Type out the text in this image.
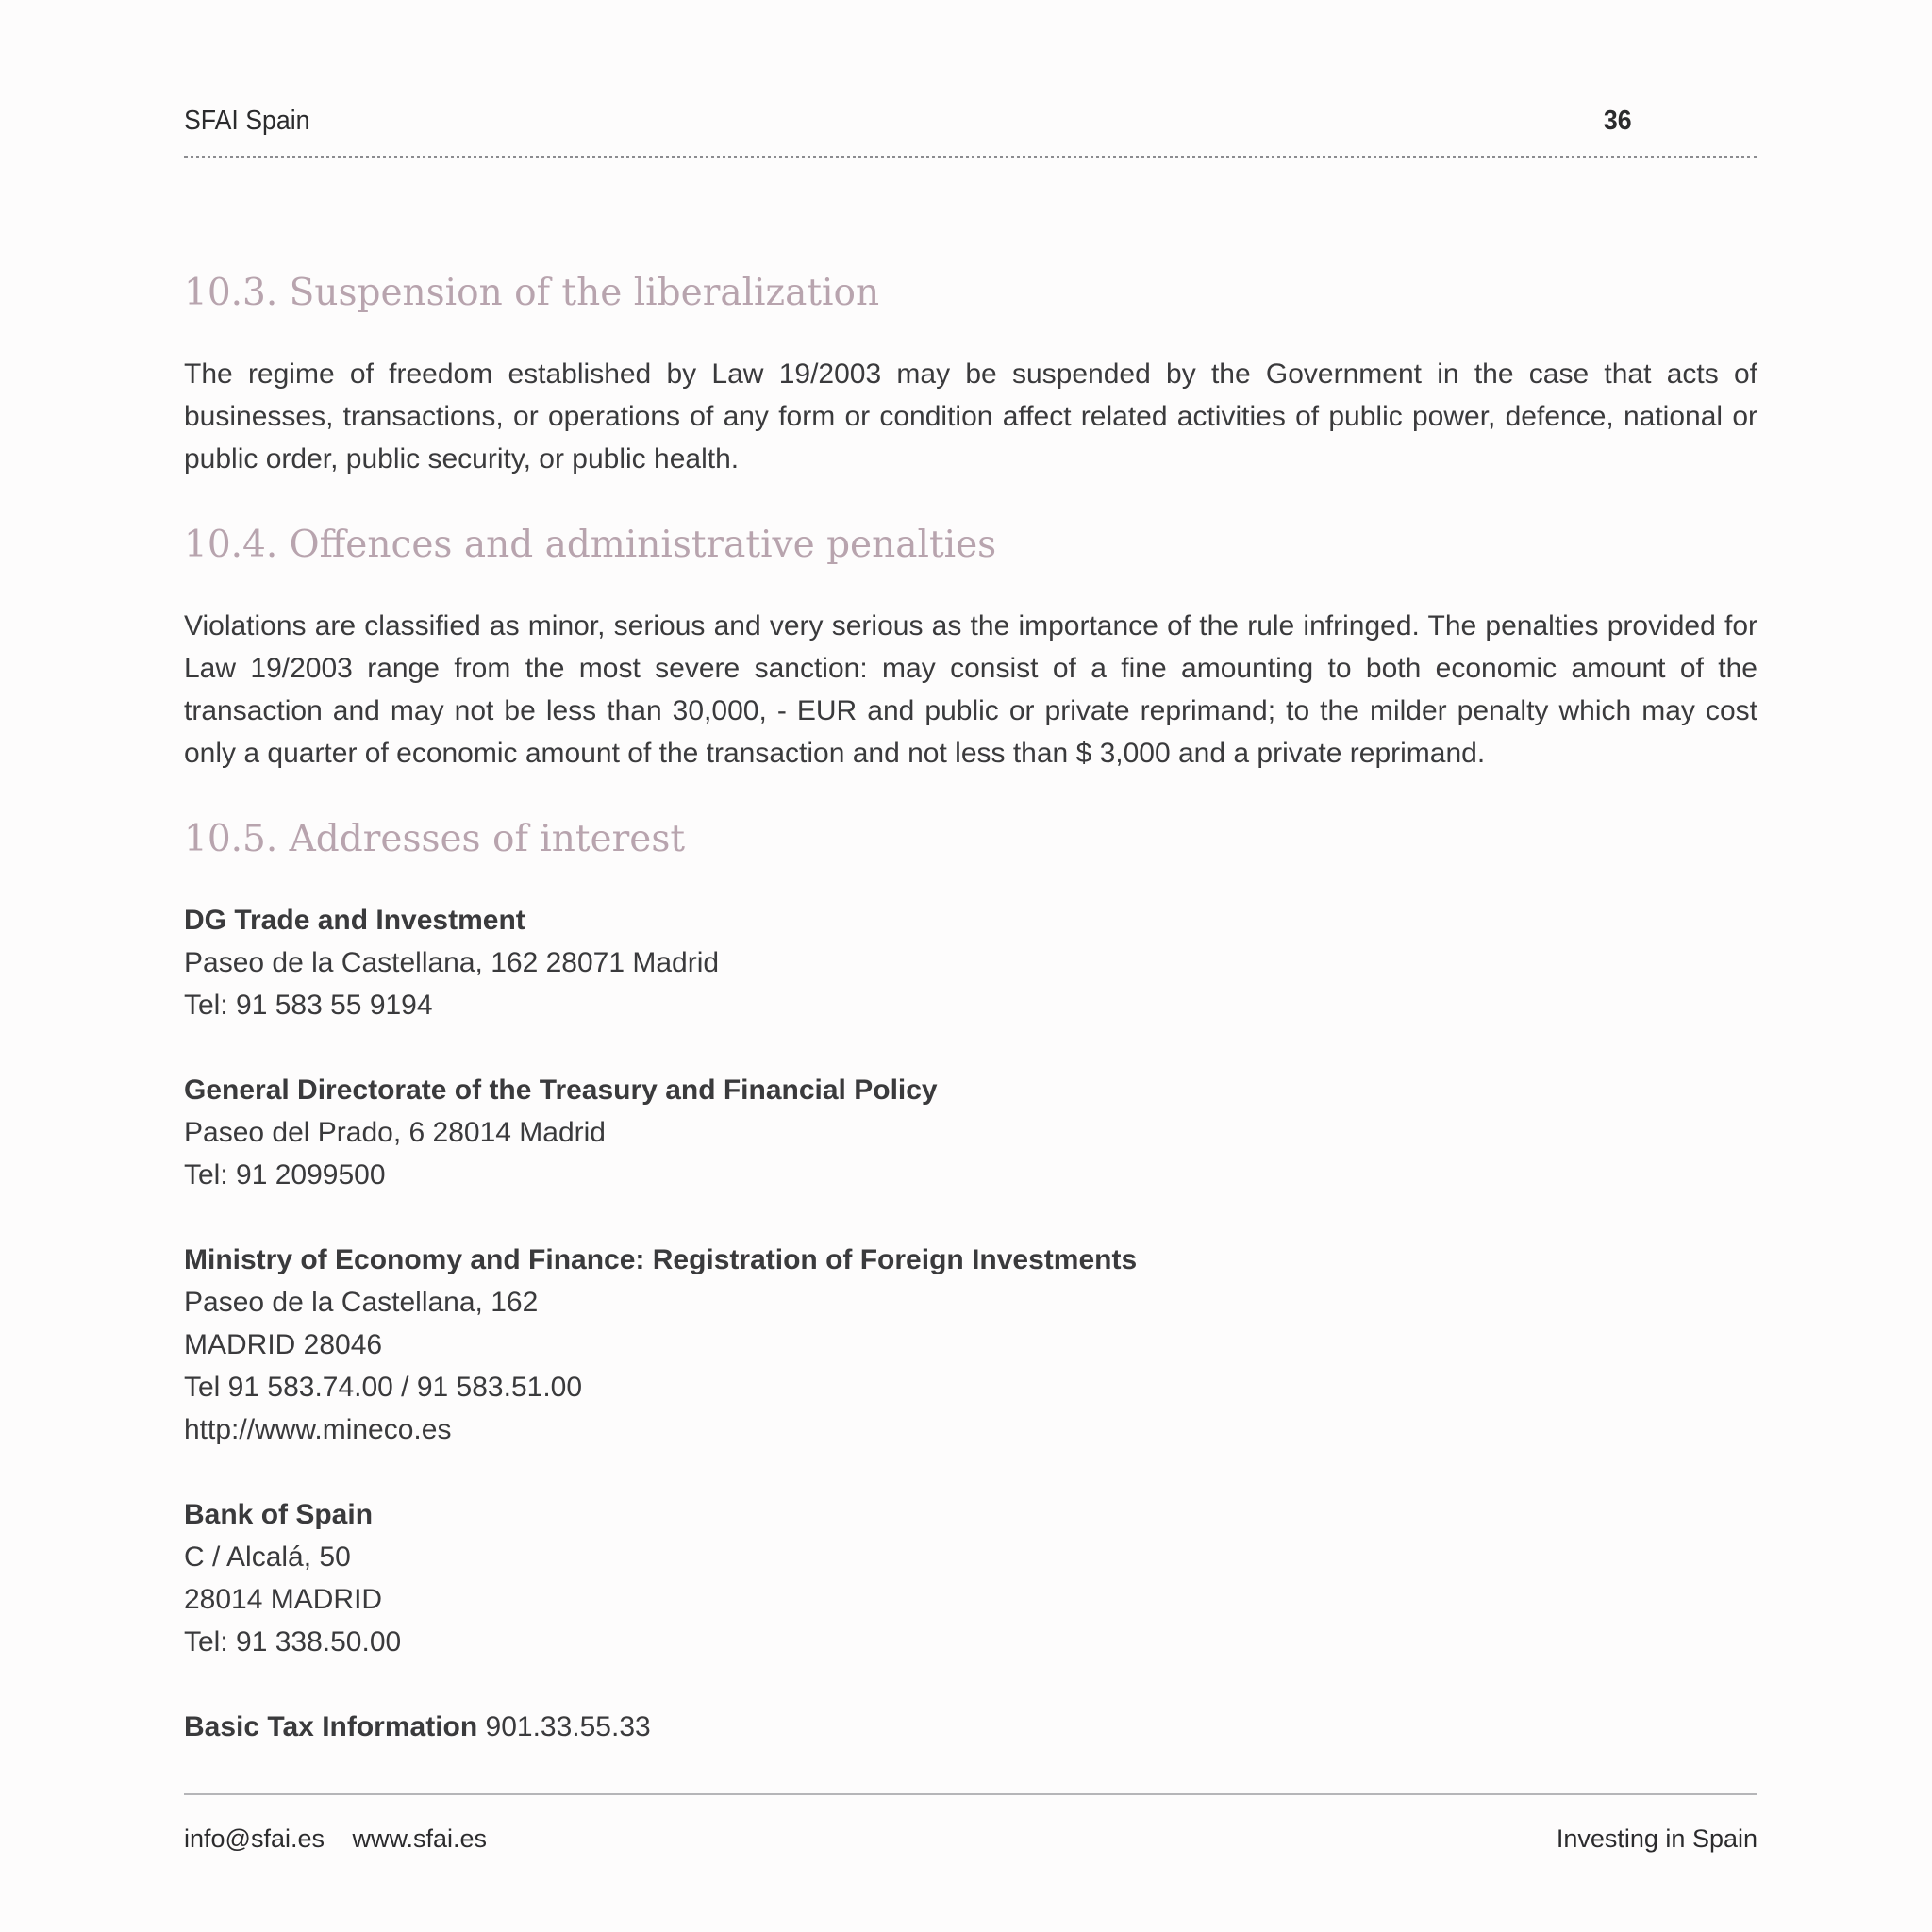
SFAI Spain	36
10.3. Suspension of the liberalization

The regime of freedom established by Law 19/2003 may be suspended by the Government in the case that acts of businesses, transactions, or operations of any form or condition affect related activities of public power, defence, national or public order, public security, or public health.

10.4. Offences and administrative penalties

Violations are classified as minor, serious and very serious as the importance of the rule infringed. The penalties provided for Law 19/2003 range from the most severe sanction: may consist of a fine amounting to both economic amount of the transaction and may not be less than 30,000, - EUR and public or private reprimand; to the milder penalty which may cost only a quarter of economic amount of the transaction and not less than $ 3,000 and a private reprimand.

10.5. Addresses of interest
DG Trade and Investment
Paseo de la Castellana, 162 28071 Madrid
Tel: 91 583 55 9194
General Directorate of the Treasury and Financial Policy
Paseo del Prado, 6 28014 Madrid
Tel: 91 2099500
Ministry of Economy and Finance: Registration of Foreign Investments
Paseo de la Castellana, 162
MADRID 28046
Tel 91 583.74.00 / 91 583.51.00
http://www.mineco.es
Bank of Spain
C / Alcalá, 50
28014 MADRID
Tel: 91 338.50.00
Basic Tax Information 901.33.55.33
info@sfai.es www.sfai.es	Investing in Spain
